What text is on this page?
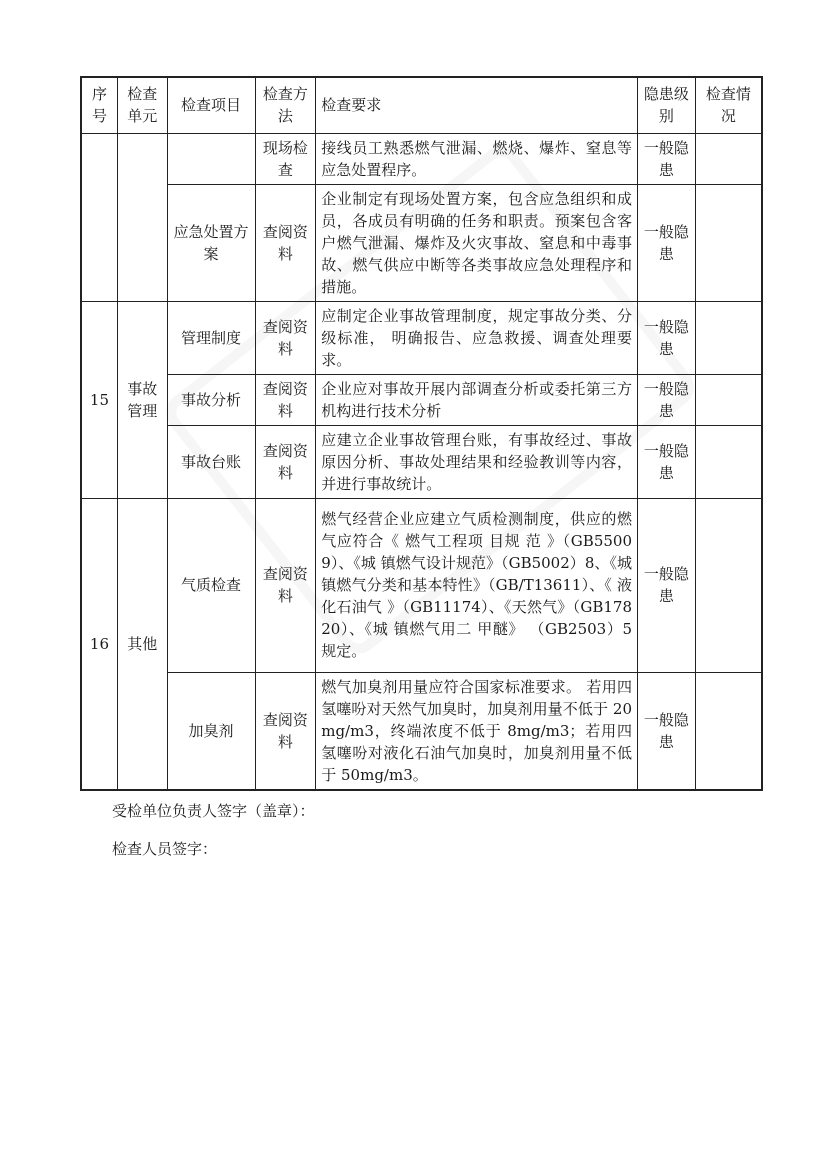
序号	检查单元	检查项目	检查方法	检查要求	隐患级别	检查情况
			现场检查	接线员工熟悉燃气泄漏、燃烧、爆炸、窒息等应急处置程序。	一般隐患	
		应急处置方案	查阅资料	企业制定有现场处置方案，包含应急组织和成员，各成员有明确的任务和职责。预案包含客户燃气泄漏、爆炸及火灾事故、窒息和中毒事故、燃气供应中断等各类事故应急处理程序和措施。	一般隐患	
15	事故管理	管理制度	查阅资料	应制定企业事故管理制度，规定事故分类、分级标准， 明确报告、应急救援、调查处理要求。	一般隐患	
		事故分析	查阅资料	企业应对事故开展内部调查分析或委托第三方机构进行技术分析	一般隐患	
		事故台账	查阅资料	应建立企业事故管理台账，有事故经过、事故原因分析、事故处理结果和经验教训等内容，并进行事故统计。	一般隐患	
16	其他	气质检查	查阅资料	燃气经营企业应建立气质检测制度，供应的燃气应符合《 燃气工程项 目规 范 》（GB55009）、《城 镇燃气设计规范》（GB5002）8、《城镇燃气分类和基本特性》（GB/T13611）、《 液化石油气 》（GB11174）、《天然气》（GB17820）、《城 镇燃气用二 甲醚》 （GB2503）5 规定。	一般隐患	
		加臭剂	查阅资料	燃气加臭剂用量应符合国家标准要求。 若用四氢噻吩对天然气加臭时，加臭剂用量不低于 20mg/m3，终端浓度不低于 8mg/m3；若用四氢噻吩对液化石油气加臭时，加臭剂用量不低于 50mg/m3。	一般隐患	
受检单位负责人签字（盖章）：
检查人员签字：
